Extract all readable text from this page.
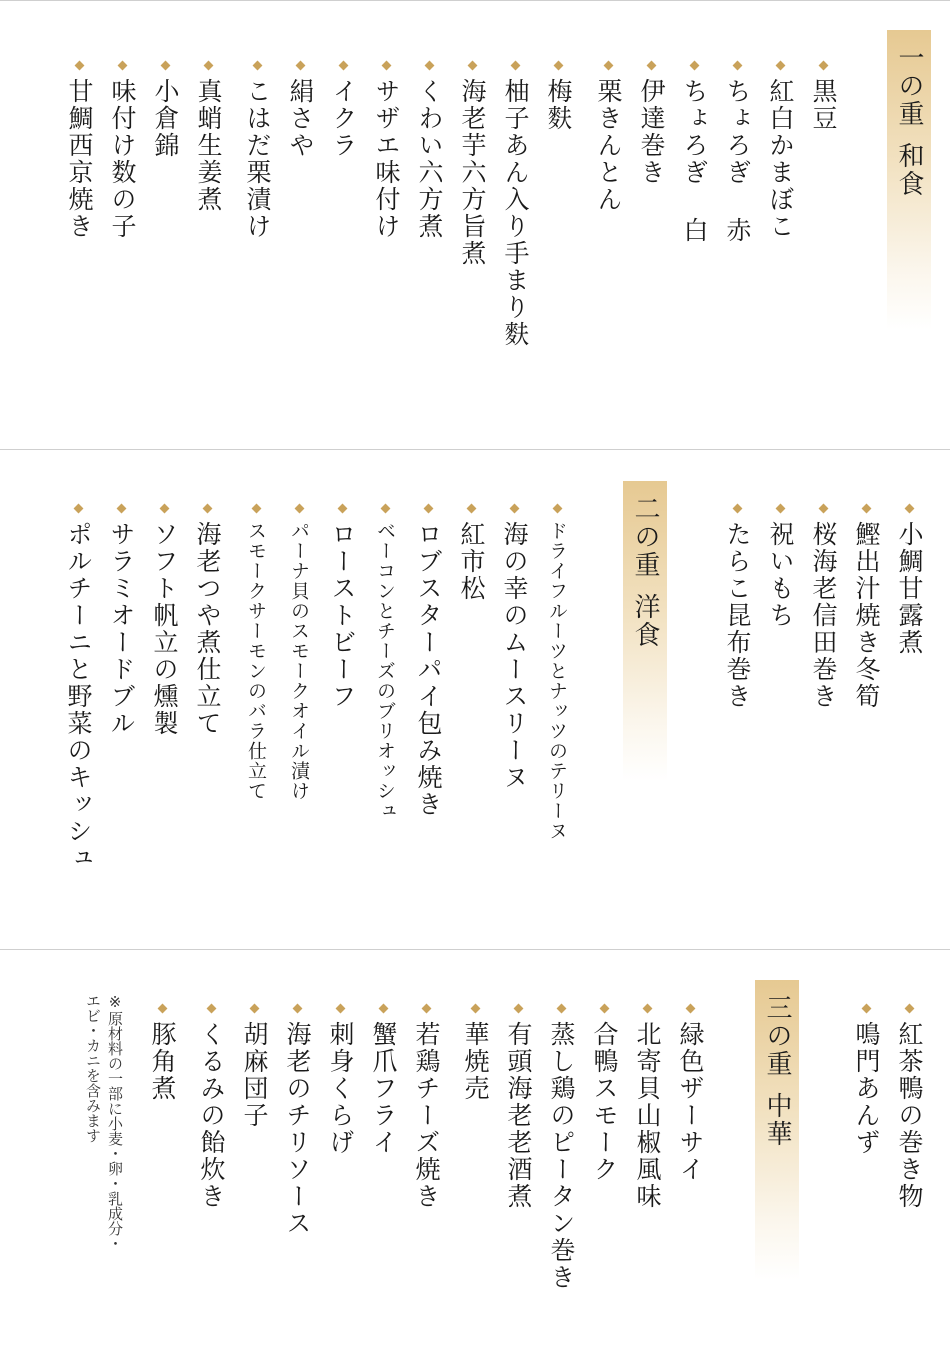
一の重和食
黒豆
紅白かまぼこ
ちょろぎ 赤
ちょろぎ 白
伊達巻き
栗きんとん
梅麩
柚子あん入り手まり麩
海老芋六方旨煮
くわい六方煮
サザエ味付け
イクラ
絹さや
こはだ栗漬け
真蛸生姜煮
小倉錦
味付け数の子
甘鯛西京焼き
小鯛甘露煮
鰹出汁焼き冬筍
桜海老信田巻き
祝いもち
たらこ昆布巻き
二の重洋食
ドライフルーツとナッツのテリーヌ
海の幸のムースリーヌ
紅市松
ロブスターパイ包み焼き
ベーコンとチーズのブリオッシュ
ローストビーフ
パーナ貝のスモークオイル漬け
スモークサーモンのバラ仕立て
海老つや煮仕立て
ソフト帆立の燻製
サラミオードブル
ポルチーニと野菜のキッシュ
紅茶鴨の巻き物
鳴門あんず
三の重中華
緑色ザーサイ
北寄貝山椒風味
合鴨スモーク
蒸し鶏のピータン巻き
有頭海老老酒煮
華焼売
若鶏チーズ焼き
蟹爪フライ
刺身くらげ
海老のチリソース
胡麻団子
くるみの飴炊き
豚角煮
※原材料の一部に小麦・卵・乳成分・
エビ・カニを含みます
